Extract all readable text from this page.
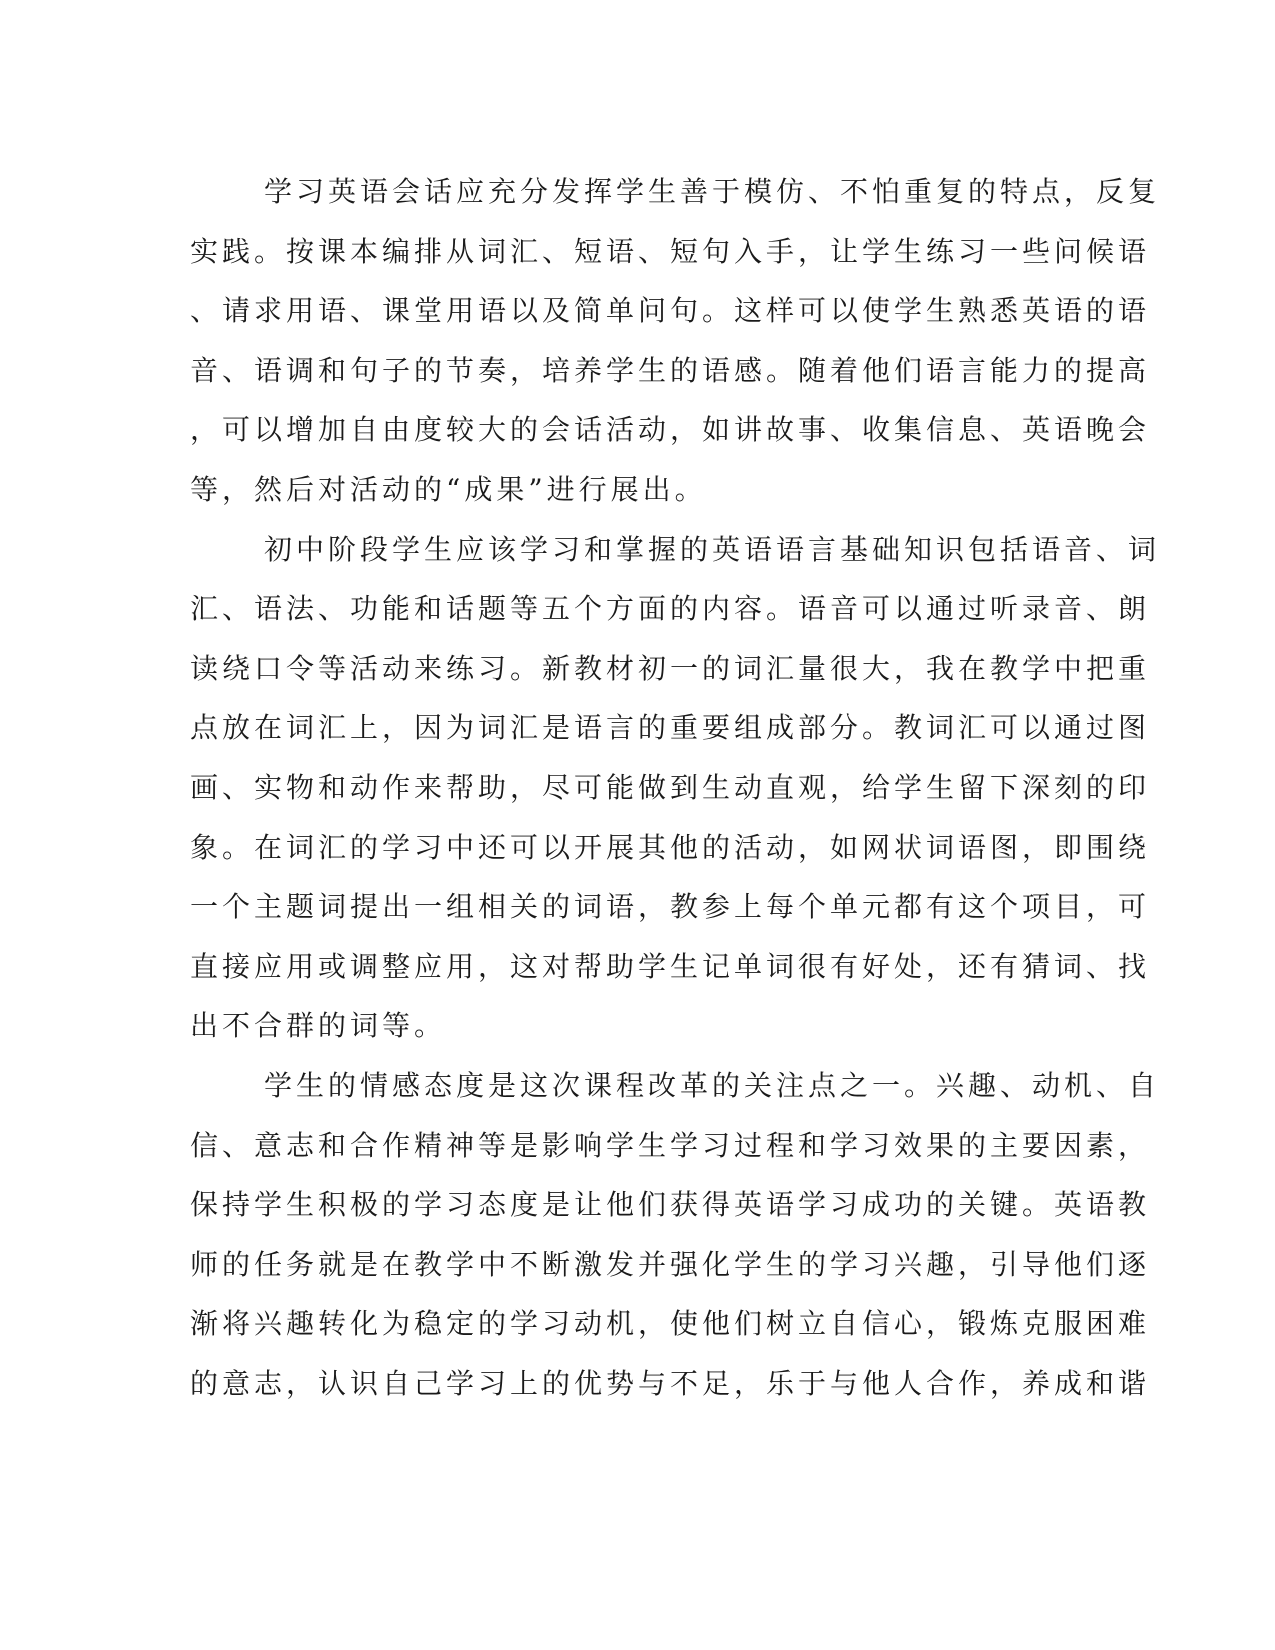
学习英语会话应充分发挥学生善于模仿、不怕重复的特点，反复
实践。按课本编排从词汇、短语、短句入手，让学生练习一些问候语
、请求用语、课堂用语以及简单问句。这样可以使学生熟悉英语的语
音、语调和句子的节奏，培养学生的语感。随着他们语言能力的提高
，可以增加自由度较大的会话活动，如讲故事、收集信息、英语晚会
等，然后对活动的“成果”进行展出。
初中阶段学生应该学习和掌握的英语语言基础知识包括语音、词
汇、语法、功能和话题等五个方面的内容。语音可以通过听录音、朗
读绕口令等活动来练习。新教材初一的词汇量很大，我在教学中把重
点放在词汇上，因为词汇是语言的重要组成部分。教词汇可以通过图
画、实物和动作来帮助，尽可能做到生动直观，给学生留下深刻的印
象。在词汇的学习中还可以开展其他的活动，如网状词语图，即围绕
一个主题词提出一组相关的词语，教参上每个单元都有这个项目，可
直接应用或调整应用，这对帮助学生记单词很有好处，还有猜词、找
出不合群的词等。
学生的情感态度是这次课程改革的关注点之一。兴趣、动机、自
信、意志和合作精神等是影响学生学习过程和学习效果的主要因素，
保持学生积极的学习态度是让他们获得英语学习成功的关键。英语教
师的任务就是在教学中不断激发并强化学生的学习兴趣，引导他们逐
渐将兴趣转化为稳定的学习动机，使他们树立自信心，锻炼克服困难
的意志，认识自己学习上的优势与不足，乐于与他人合作，养成和谐
